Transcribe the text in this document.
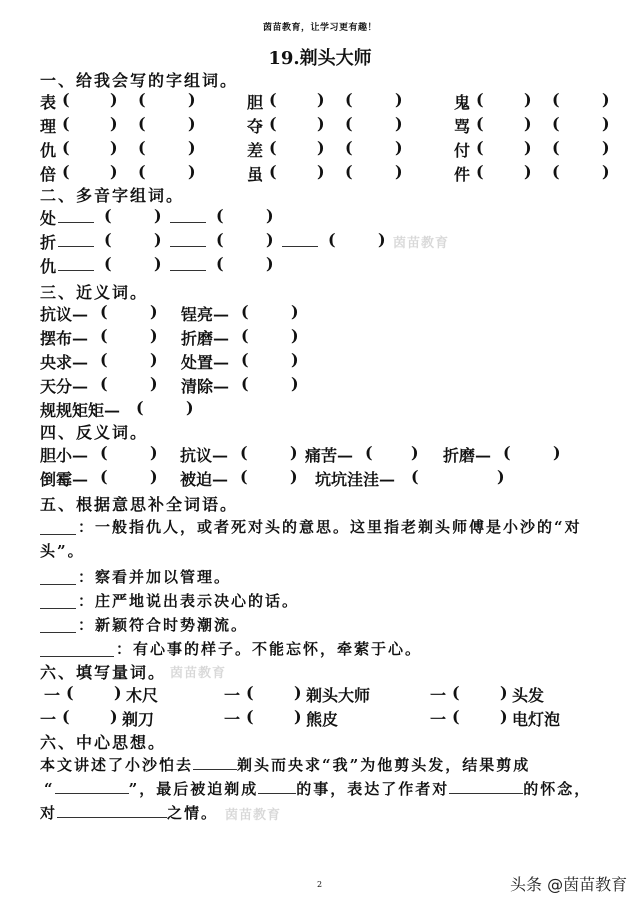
茵苗教育，让学习更有趣！
19.剃头大师
一、给我会写的字组词。
表 (	) (	)	胆 (	) (	)	鬼 (	) (	)
理 (	) (	)	夺 (	) (	)	骂 (	) (	)
仇 (	) (	)	差 (	) (	)	付 (	) (	)
倍 (	) (	)	虽 (	) (	)	件 (	) (	)
二、多音字组词。
处	(	)	(	)
折	(	)	(	)	(	)
仇	(	)	(	)
茵苗教育
三、近义词。
抗议— (	) 锃亮— (	)
摆布— (	) 折磨— (	)
央求— (	) 处置— (	)
天分— (	) 清除— (	)
规规矩矩— (	)
四、反义词。
胆小— (	) 抗议— (	) 痛苦— ( ) 折磨— (	)
倒霉— (	) 被迫— (	) 坑坑洼洼— (	)
五、根据意思补全词语。
：一般指仇人，或者死对头的意思。这里指老剃头师傅是小沙的“对
头”。
：察看并加以管理。
：庄严地说出表示决心的话。
：新颖符合时势潮流。
：有心事的样子。不能忘怀，牵萦于心。
六、填写量词。 茵苗教育
一 (	) 木尺	一 (	) 剃头大师	一 (	) 头发
一 (	) 剃刀	一 (	) 熊皮	一 (	) 电灯泡
六、中心思想。
本文讲述了小沙怕去	剃头而央求“我”为他剪头发，结果剪成
“	”，最后被迫剃成	的事，表达了作者对	的怀念，
对	之情。 茵苗教育
2	头条 @茵苗教育
